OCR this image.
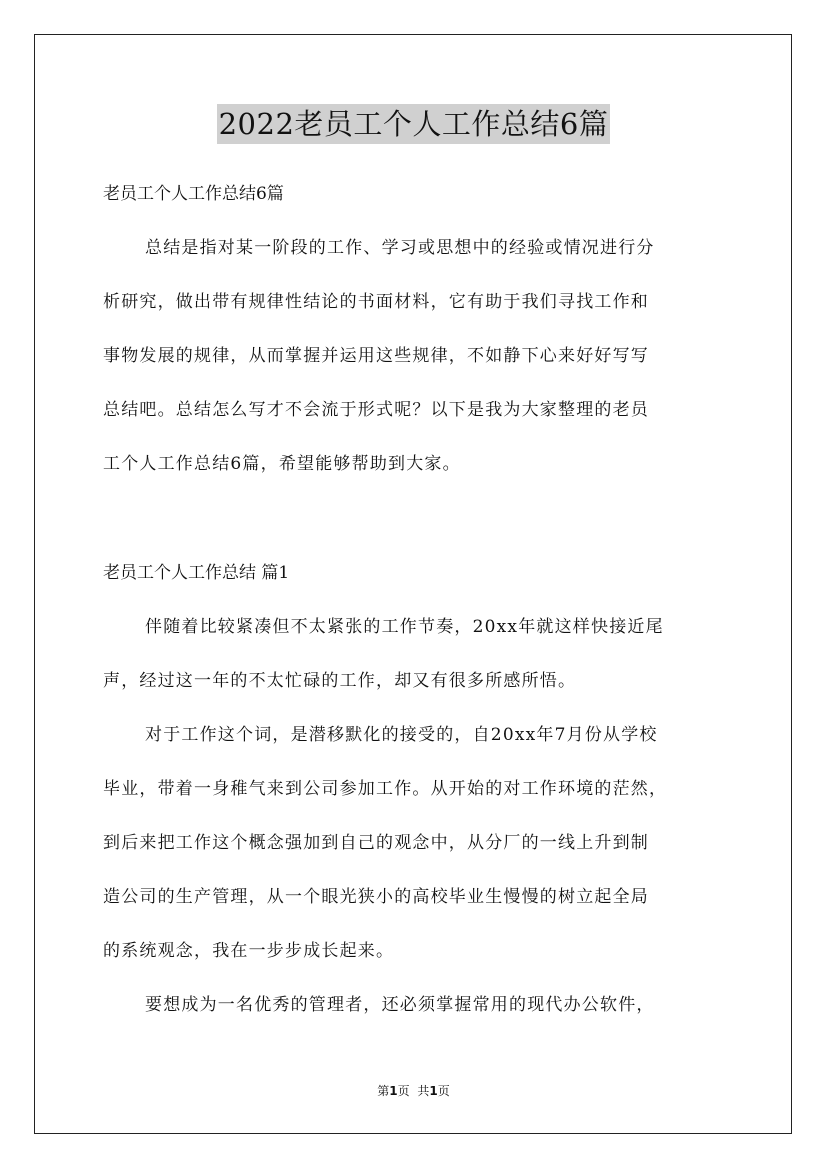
2022老员工个人工作总结6篇

老员工个人工作总结6篇

总结是指对某一阶段的工作、学习或思想中的经验或情况进行分

析研究，做出带有规律性结论的书面材料，它有助于我们寻找工作和

事物发展的规律，从而掌握并运用这些规律，不如静下心来好好写写

总结吧。总结怎么写才不会流于形式呢？以下是我为大家整理的老员

工个人工作总结6篇，希望能够帮助到大家。

老员工个人工作总结 篇1

伴随着比较紧凑但不太紧张的工作节奏，20xx年就这样快接近尾

声，经过这一年的不太忙碌的工作，却又有很多所感所悟。

对于工作这个词，是潜移默化的接受的，自20xx年7月份从学校

毕业，带着一身稚气来到公司参加工作。从开始的对工作环境的茫然，

到后来把工作这个概念强加到自己的观念中，从分厂的一线上升到制

造公司的生产管理，从一个眼光狭小的高校毕业生慢慢的树立起全局

的系统观念，我在一步步成长起来。

要想成为一名优秀的管理者，还必须掌握常用的现代办公软件，

第1页 共1页
